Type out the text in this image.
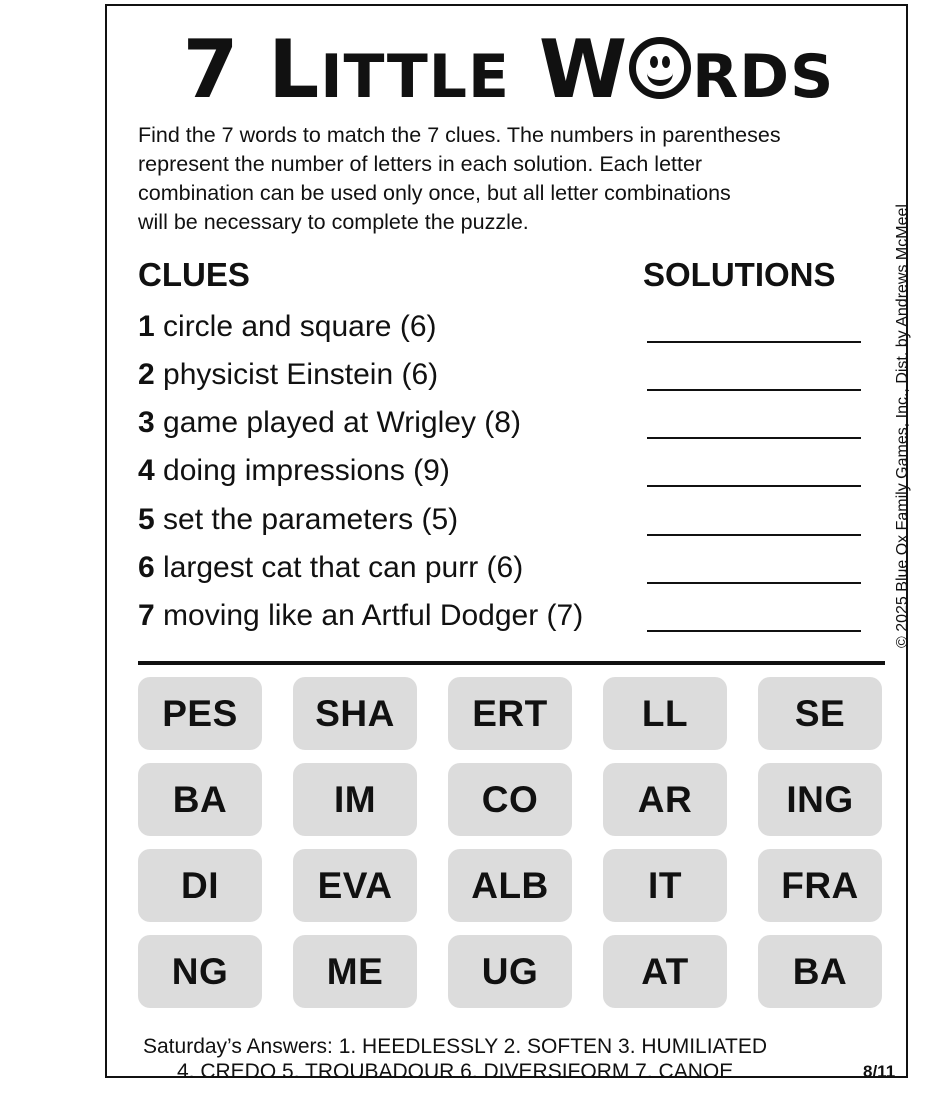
7 LITTLE W RDS
Find the 7 words to match the 7 clues. The numbers in parentheses
represent the number of letters in each solution. Each letter
combination can be used only once, but all letter combinations
will be necessary to complete the puzzle.	© 2025 Blue Ox Family Games, Inc., Dist. by Andrews McMeel
CLUES	SOLUTIONS
1 circle and square (6)
2 physicist Einstein (6)
3 game played at Wrigley (8)
4 doing impressions (9)
5 set the parameters (5)
6 largest cat that can purr (6)
7 moving like an Artful Dodger (7)
PES	SHA	ERT	LL	SE
BA	IM	CO	AR	ING
DI	EVA	ALB	IT	FRA
NG	ME	UG	AT	BA
Saturday’s Answers: 1. HEEDLESSLY 2. SOFTEN 3. HUMILIATED
4. CREDO 5. TROUBADOUR 6. DIVERSIFORM 7. CANOE	8/11
